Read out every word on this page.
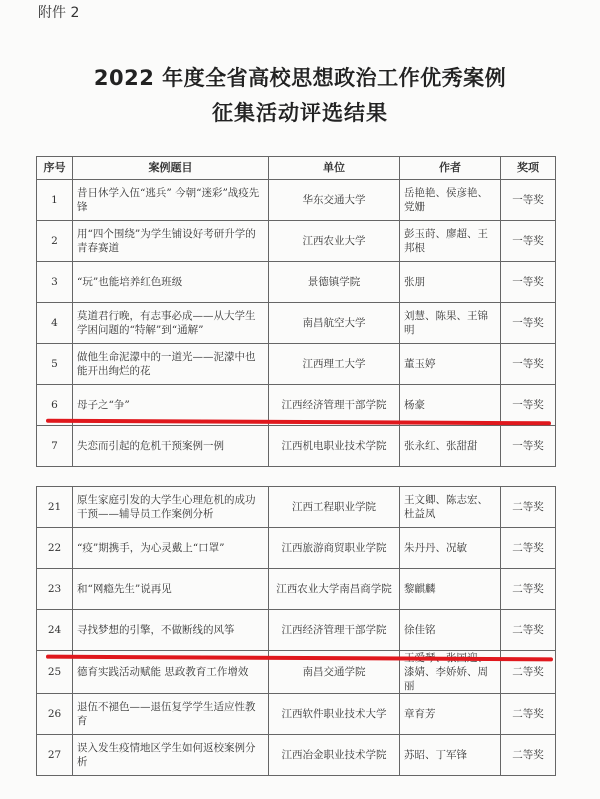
附件 2
2022 年度全省高校思想政治工作优秀案例
征集活动评选结果
序号	案例题目	单位	作者	奖项
1	昔日休学入伍“逃兵” 今朝“迷彩”战疫先锋	华东交通大学	岳艳艳、侯彦艳、党姗	一等奖
2	用“四个围绕”为学生铺设好考研升学的青春赛道	江西农业大学	彭玉莳、廖超、王邦根	一等奖
3	“玩”也能培养红色班级	景德镇学院	张朋	一等奖
4	莫道君行晚，有志事必成——从大学生学困问题的“特解”到“通解”	南昌航空大学	刘慧、陈果、王锦明	一等奖
5	做他生命泥濛中的一道光——泥濛中也能开出绚烂的花	江西理工大学	董玉婷	一等奖
6	母子之“争”	江西经济管理干部学院	杨豪	一等奖
7	失恋而引起的危机干预案例一例	江西机电职业技术学院	张永红、张甜甜	一等奖
21	原生家庭引发的大学生心理危机的成功干预——辅导员工作案例分析	江西工程职业学院	王文卿、陈志宏、杜益凤	二等奖
22	“疫”期携手，为心灵戴上“口罩”	江西旅游商贸职业学院	朱丹丹、况敏	二等奖
23	和“网瘾先生”说再见	江西农业大学南昌商学院	黎麒麟	二等奖
24	寻找梦想的引擎，不做断线的风筝	江西经济管理干部学院	徐佳铭	二等奖
25	德育实践活动赋能 思政教育工作增效	南昌交通学院	漆婧、李娇娇、周丽	二等奖
26	退伍不褪色——退伍复学学生适应性教育	江西软件职业技术大学	章育芳	二等奖
27	误入发生疫情地区学生如何返校案例分析	江西冶金职业技术学院	苏昭、丁军锋	二等奖
